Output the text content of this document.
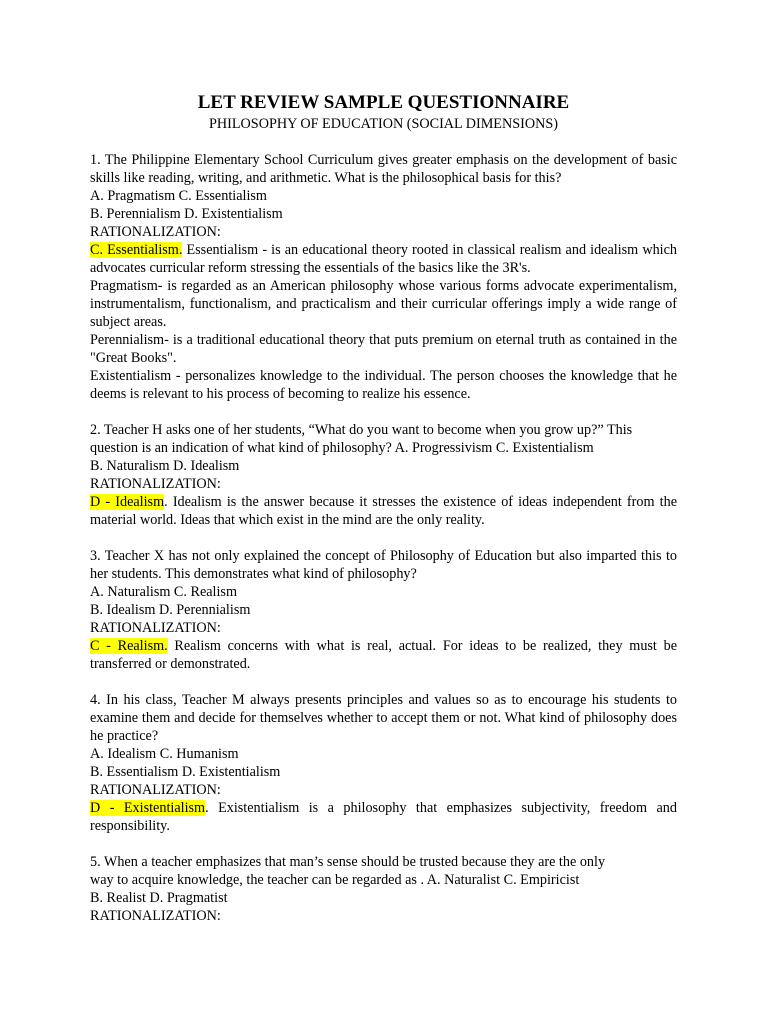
LET REVIEW SAMPLE QUESTIONNAIRE
PHILOSOPHY OF EDUCATION (SOCIAL DIMENSIONS)
1. The Philippine Elementary School Curriculum gives greater emphasis on the development of basic skills like reading, writing, and arithmetic. What is the philosophical basis for this?
A. Pragmatism C. Essentialism
B. Perennialism D. Existentialism
RATIONALIZATION:
C. Essentialism. Essentialism - is an educational theory rooted in classical realism and idealism which advocates curricular reform stressing the essentials of the basics like the 3R's.
Pragmatism- is regarded as an American philosophy whose various forms advocate experimentalism, instrumentalism, functionalism, and practicalism and their curricular offerings imply a wide range of subject areas.
Perennialism- is a traditional educational theory that puts premium on eternal truth as contained in the "Great Books".
Existentialism - personalizes knowledge to the individual. The person chooses the knowledge that he deems is relevant to his process of becoming to realize his essence.
2. Teacher H asks one of her students, “What do you want to become when you grow up?” This
question is an indication of what kind of philosophy? A. Progressivism C. Existentialism
B. Naturalism D. Idealism
RATIONALIZATION:
D - Idealism. Idealism is the answer because it stresses the existence of ideas independent from the material world. Ideas that which exist in the mind are the only reality.
3. Teacher X has not only explained the concept of Philosophy of Education but also imparted this to her students. This demonstrates what kind of philosophy?
A. Naturalism C. Realism
B. Idealism D. Perennialism
RATIONALIZATION:
C - Realism. Realism concerns with what is real, actual. For ideas to be realized, they must be transferred or demonstrated.
4. In his class, Teacher M always presents principles and values so as to encourage his students to examine them and decide for themselves whether to accept them or not. What kind of philosophy does he practice?
A. Idealism C. Humanism
B. Essentialism D. Existentialism
RATIONALIZATION:
D - Existentialism. Existentialism is a philosophy that emphasizes subjectivity, freedom and responsibility.
5. When a teacher emphasizes that man’s sense should be trusted because they are the only
way to acquire knowledge, the teacher can be regarded as . A. Naturalist C. Empiricist
B. Realist D. Pragmatist
RATIONALIZATION:
